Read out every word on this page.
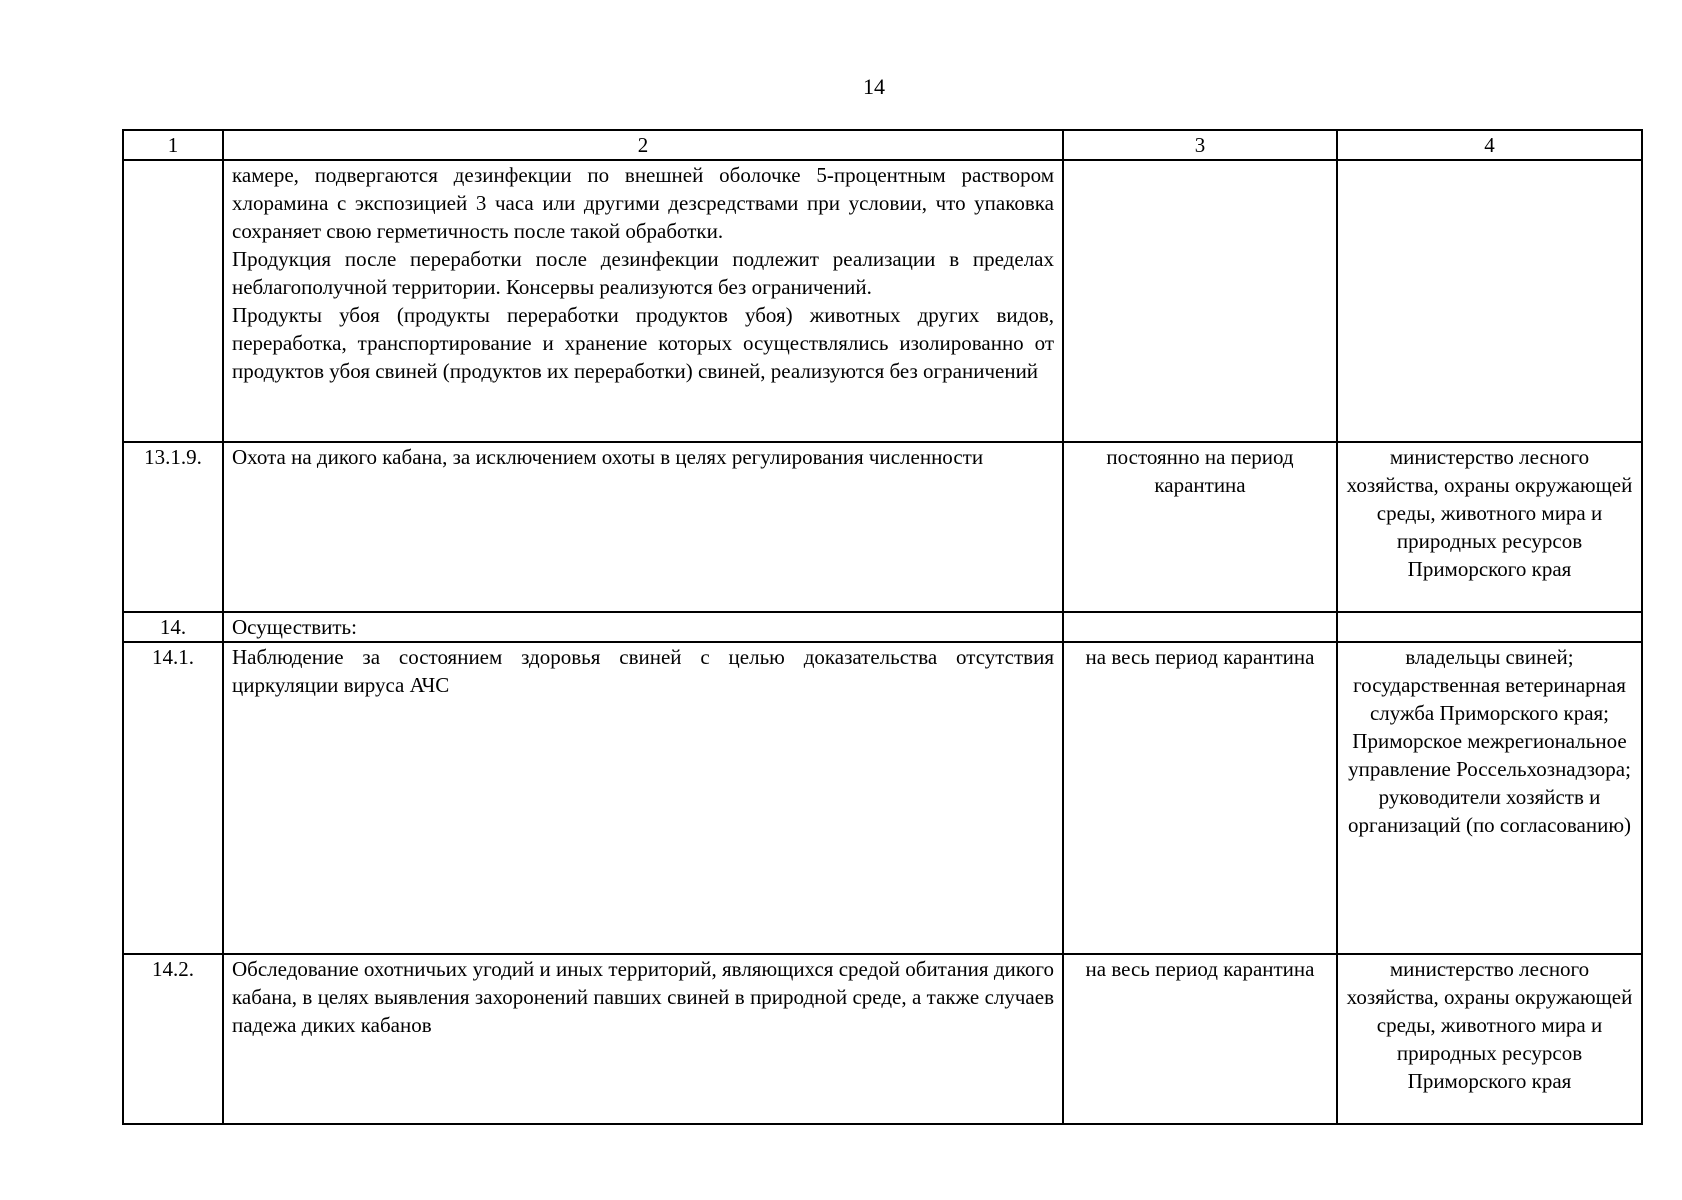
14
1	2	3	4

	камере, подвергаются дезинфекции по внешней оболочке 5-процентным раствором хлорамина с экспозицией 3 часа или другими дезсредствами при условии, что упаковка сохраняет свою герметичность после такой обработки.

Продукция после переработки после дезинфекции подлежит реализации в пределах неблагополучной территории. Консервы реализуются без ограничений.

Продукты убоя (продукты переработки продуктов убоя) животных других видов, переработка, транспортирование и хранение которых осуществлялись изолированно от продуктов убоя свиней (продуктов их переработки) свиней, реализуются без ограничений		

13.1.9.	Охота на дикого кабана, за исключением охоты в целях регулирования численности	постоянно на период карантина	министерство лесного хозяйства, охраны окружающей среды, животного мира и природных ресурсов Приморского края
14.	Осуществить:		

14.1.	Наблюдение за состоянием здоровья свиней с целью доказательства отсутствия циркуляции вируса АЧС	на весь период карантина	владельцы свиней; государственная ветеринарная служба Приморского края; Приморское межрегиональное управление Россельхознадзора; руководители хозяйств и организаций (по согласованию)
14.2.	Обследование охотничьих угодий и иных территорий, являющихся средой обитания дикого кабана, в целях выявления захоронений павших свиней в природной среде, а также случаев падежа диких кабанов	на весь период карантина	министерство лесного хозяйства, охраны окружающей среды, животного мира и природных ресурсов Приморского края
